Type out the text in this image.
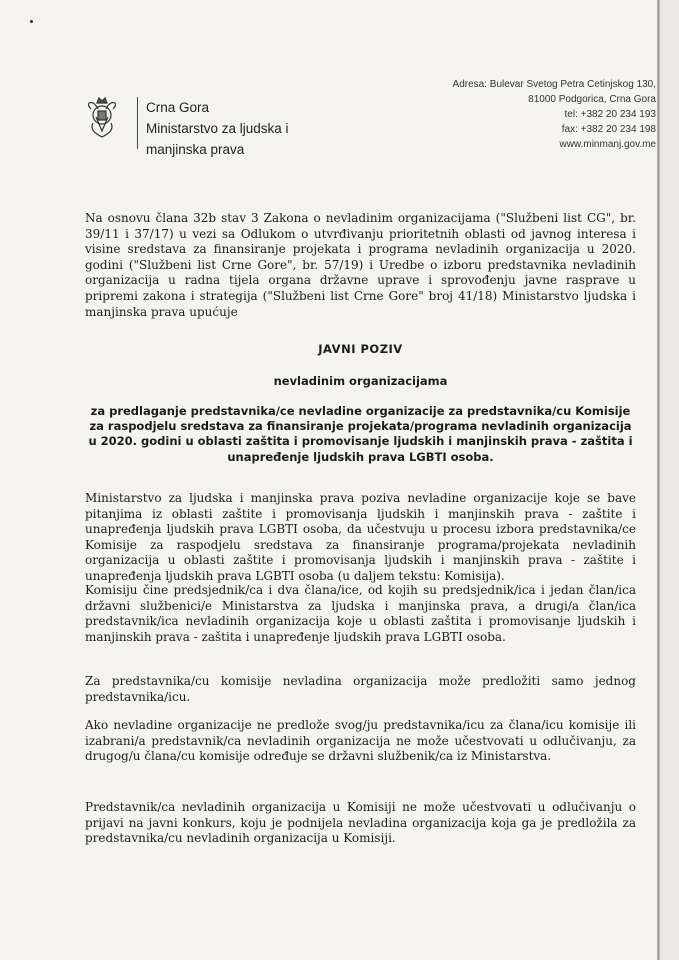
Crna Gora
Ministarstvo za ljudska i
manjinska prava
Adresa: Bulevar Svetog Petra Cetinjskog 130,
81000 Podgorica, Crna Gora
tel: +382 20 234 193
fax: +382 20 234 198
www.minmanj.gov.me

Na osnovu člana 32b stav 3 Zakona o nevladinim organizacijama ("Službeni list CG", br. 39/11 i 37/17) u vezi sa Odlukom o utvrđivanju prioritetnih oblasti od javnog interesa i visine sredstava za finansiranje projekata i programa nevladinih organizacija u 2020. godini ("Službeni list Crne Gore", br. 57/19) i Uredbe o izboru predstavnika nevladinih organizacija u radna tijela organa državne uprave i sprovođenju javne rasprave u pripremi zakona i strategija ("Službeni list Crne Gore" broj 41/18) Ministarstvo ljudska i manjinska prava upućuje

JAVNI POZIV

nevladinim organizacijama

za predlaganje predstavnika/ce nevladine organizacije za predstavnika/cu Komisije za raspodjelu sredstava za finansiranje projekata/programa nevladinih organizacija u 2020. godini u oblasti zaštita i promovisanje ljudskih i manjinskih prava - zaštita i unapređenje ljudskih prava LGBTI osoba.

Ministarstvo za ljudska i manjinska prava poziva nevladine organizacije koje se bave pitanjima iz oblasti zaštite i promovisanja ljudskih i manjinskih prava - zaštite i unapređenja ljudskih prava LGBTI osoba, da učestvuju u procesu izbora predstavnika/ce Komisije za raspodjelu sredstava za finansiranje programa/projekata nevladinih organizacija u oblasti zaštite i promovisanja ljudskih i manjinskih prava - zaštite i unapređenja ljudskih prava LGBTI osoba (u daljem tekstu: Komisija).

Komisiju čine predsjednik/ca i dva člana/ice, od kojih su predsjednik/ica i jedan član/ica državni službenici/e Ministarstva za ljudska i manjinska prava, a drugi/a član/ica predstavnik/ica nevladinih organizacija koje u oblasti zaštita i promovisanje ljudskih i manjinskih prava - zaštita i unapređenje ljudskih prava LGBTI osoba.

Za predstavnika/cu komisije nevladina organizacija može predložiti samo jednog predstavnika/icu.

Ako nevladine organizacije ne predlože svog/ju predstavnika/icu za člana/icu komisije ili izabrani/a predstavnik/ca nevladinih organizacija ne može učestvovati u odlučivanju, za drugog/u člana/cu komisije određuje se državni službenik/ca iz Ministarstva.

Predstavnik/ca nevladinih organizacija u Komisiji ne može učestvovati u odlučivanju o prijavi na javni konkurs, koju je podnijela nevladina organizacija koja ga je predložila za predstavnika/cu nevladinih organizacija u Komisiji.
